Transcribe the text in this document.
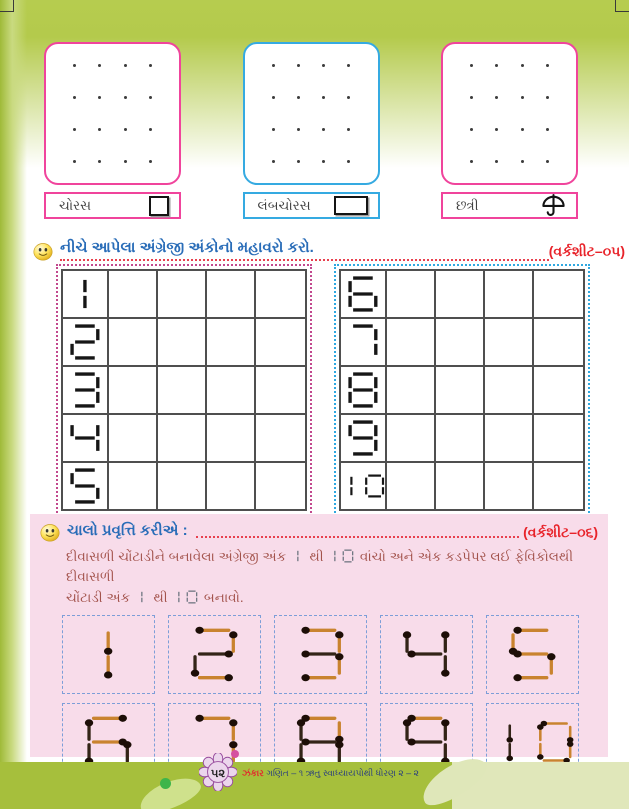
ચોરસ	લંબચોરસ	છત્રી
નીચે આપેલા અંગ્રેજી અંકોનો મહાવરો કરો.	(વર્કશીટ–૦૫)
ચાલો પ્રવૃત્તિ કરીએ :	(વર્કશીટ–૦૬)
દીવાસળી ચોંટાડીને બનાવેલા અંગ્રેજી અંક  થી  વાંચો અને એક કડપેપર લઈ ફેવિકોલથી દીવાસળી
ચોંટાડી અંક  થી  બનાવો.
૫૨ ઝંકાર ગણિત – ૧ ઋતુ સ્વાધ્યાયપોથી ધોરણ ૨ – ૨
